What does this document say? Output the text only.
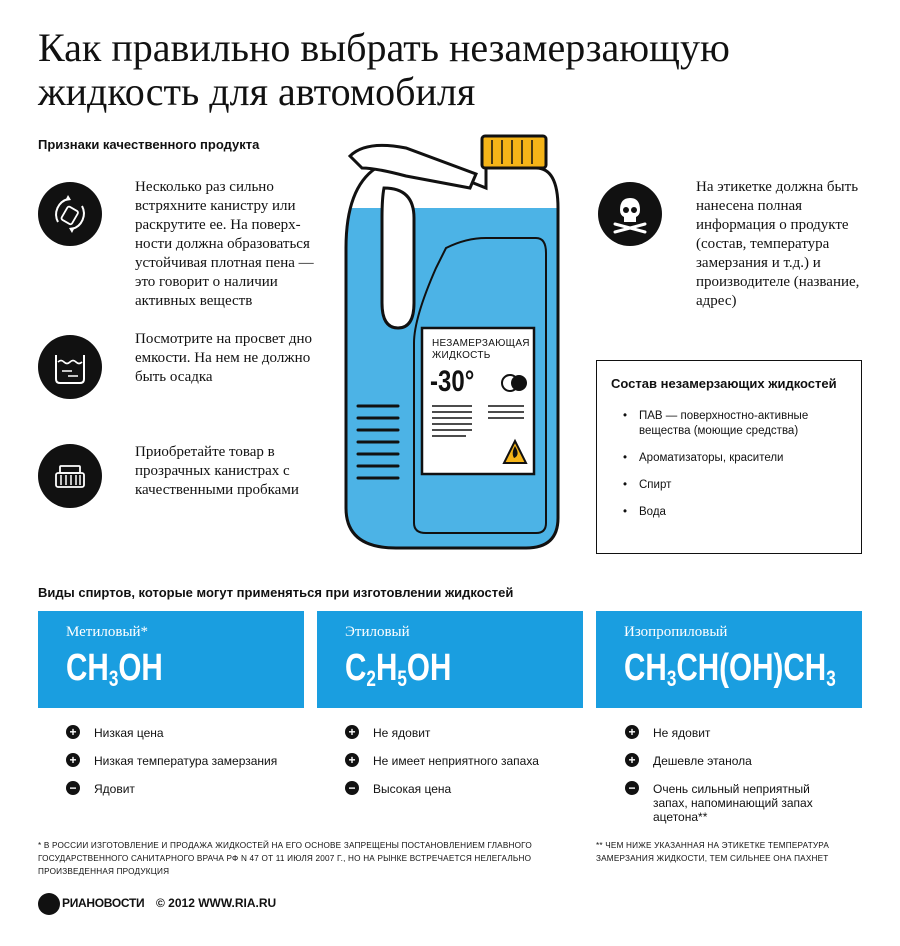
Как правильно выбрать незамерзающую жидкость для автомобиля
Признаки качественного продукта
Несколько раз сильно встряхните канистру или раскрутите ее. На поверх-ности должна образоваться устойчивая плотная пена — это говорит о наличии активных веществ
Посмотрите на просвет дно емкости. На нем не должно быть осадка
Приобретайте товар в прозрачных канистрах с качественными пробками
На этикетке должна быть нанесена полная информация о продукте (состав, температура замерзания и т.д.) и производителе (название, адрес)
НЕЗАМЕРЗАЮЩАЯ ЖИДКОСТЬ
-30°	Состав незамерзающих жидкостей
• ПАВ — поверхностно-активные вещества (моющие средства)
• Ароматизаторы, красители
• Спирт
• Вода
Виды спиртов, которые могут применяться при изготовлении жидкостей
Метиловый*
$CH_3OH$
+ Низкая цена
+ Низкая температура замерзания
− Ядовит
Этиловый
$C_2H_5OH$
+ Не ядовит
+ Не имеет неприятного запаха
− Высокая цена
Изопропиловый
$CH_3CH(OH)CH_3$
+ Не ядовит
+ Дешевле этанола
− Очень сильный неприятный запах, напоминающий запах ацетона**
* В РОССИИ ИЗГОТОВЛЕНИЕ И ПРОДАЖА ЖИДКОСТЕЙ НА ЕГО ОСНОВЕ ЗАПРЕЩЕНЫ ПОСТАНОВЛЕНИЕМ ГЛАВНОГО ГОСУДАРСТВЕННОГО САНИТАРНОГО ВРАЧА РФ N 47 ОТ 11 ИЮЛЯ 2007 Г., НО НА РЫНКЕ ВСТРЕЧАЕТСЯ НЕЛЕГАЛЬНО ПРОИЗВЕДЕННАЯ ПРОДУКЦИЯ
** ЧЕМ НИЖЕ УКАЗАННАЯ НА ЭТИКЕТКЕ ТЕМПЕРАТУРА ЗАМЕРЗАНИЯ ЖИДКОСТИ, ТЕМ СИЛЬНЕЕ ОНА ПАХНЕТ
РИАНОВОСТИ © 2012 WWW.RIA.RU
